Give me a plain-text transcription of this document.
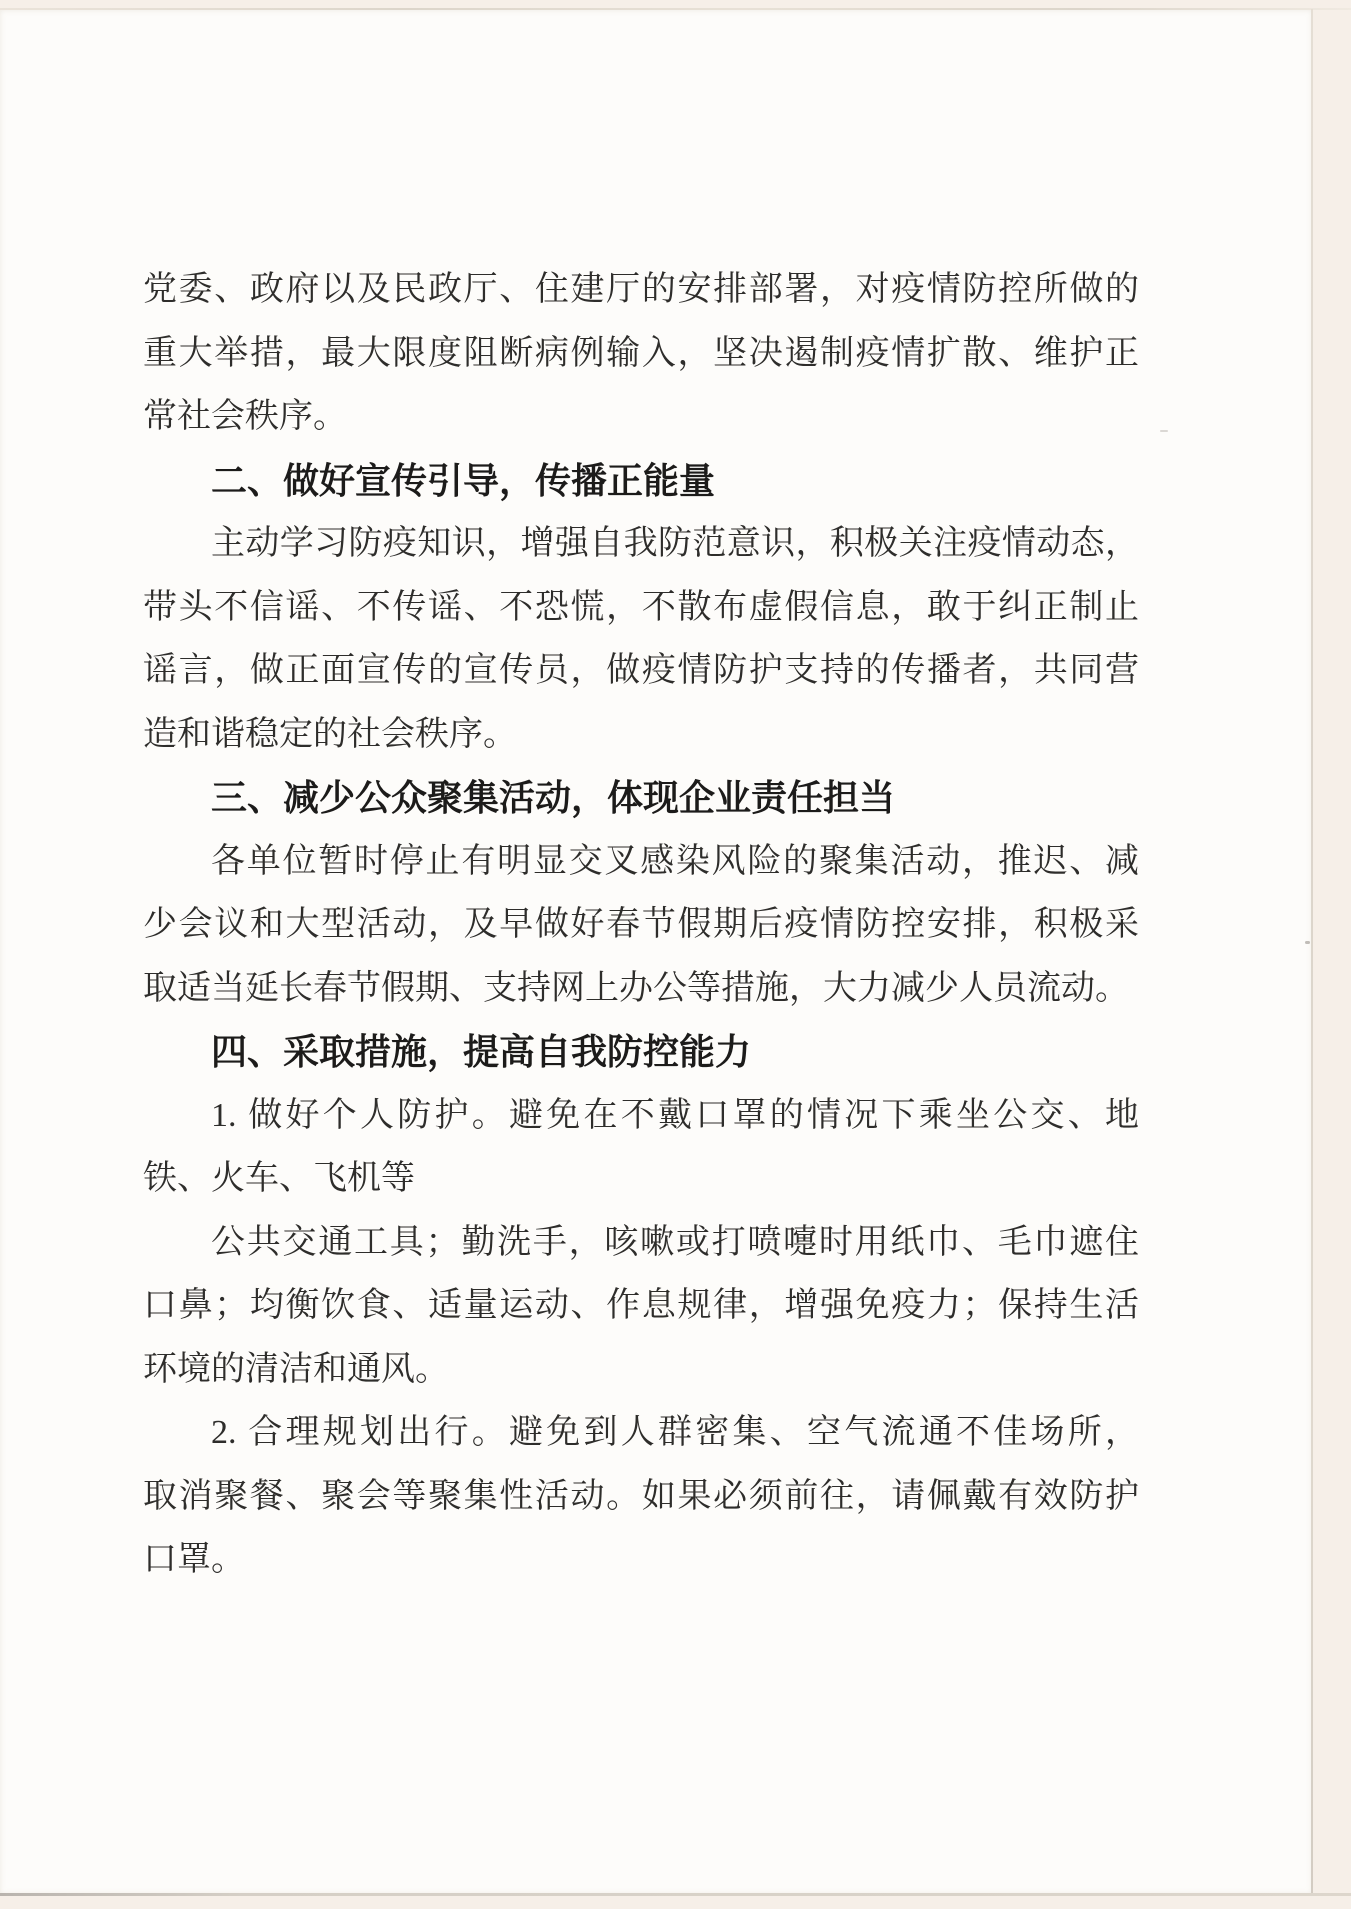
党委、政府以及民政厅、住建厅的安排部署，对疫情防控所做的
重大举措，最大限度阻断病例输入，坚决遏制疫情扩散、维护正
常社会秩序。
二、做好宣传引导，传播正能量
主动学习防疫知识，增强自我防范意识，积极关注疫情动态，
带头不信谣、不传谣、不恐慌，不散布虚假信息，敢于纠正制止
谣言，做正面宣传的宣传员，做疫情防护支持的传播者，共同营
造和谐稳定的社会秩序。
三、减少公众聚集活动，体现企业责任担当
各单位暂时停止有明显交叉感染风险的聚集活动，推迟、减
少会议和大型活动，及早做好春节假期后疫情防控安排，积极采
取适当延长春节假期、支持网上办公等措施，大力减少人员流动。
四、采取措施，提高自我防控能力
1. 做好个人防护。避免在不戴口罩的情况下乘坐公交、地
铁、火车、飞机等
公共交通工具；勤洗手，咳嗽或打喷嚏时用纸巾、毛巾遮住
口鼻；均衡饮食、适量运动、作息规律，增强免疫力；保持生活
环境的清洁和通风。
2. 合理规划出行。避免到人群密集、空气流通不佳场所，
取消聚餐、聚会等聚集性活动。如果必须前往，请佩戴有效防护
口罩。
